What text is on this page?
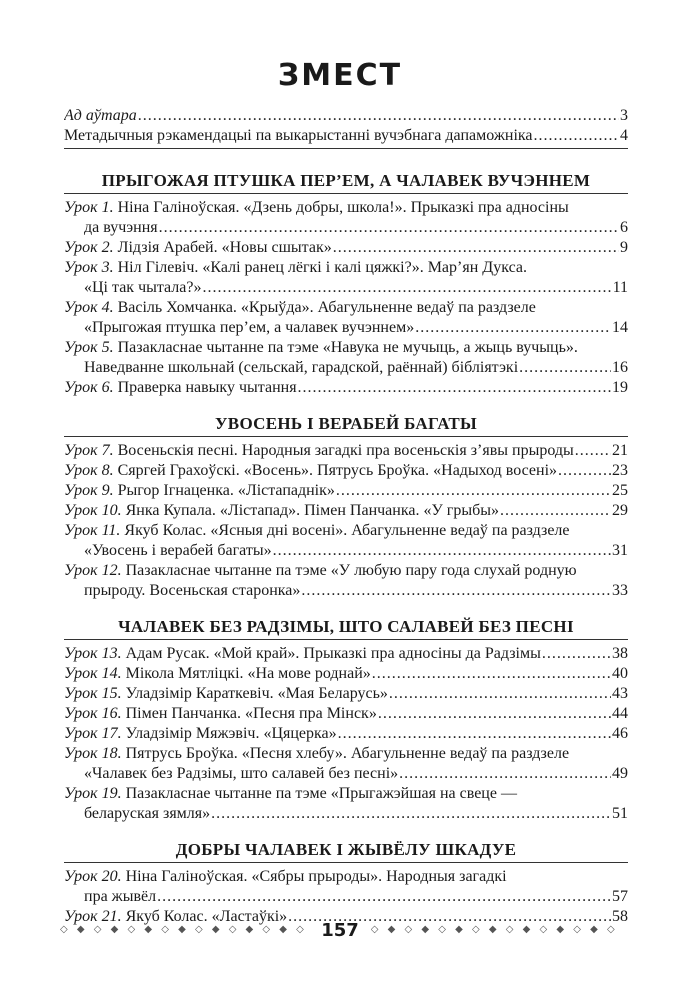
ЗМЕСТ
Ад аўтара .....	3
Метадычныя рэкамендацыі па выкарыстанні вучэбнага дапаможніка .....	4
ПРЫГОЖАЯ ПТУШКА ПЕР’ЕМ, А ЧАЛАВЕК ВУЧЭННЕМ
Урок 1. Ніна Галіноўская. «Дзень добры, школа!». Прыказкі пра адносіны
да вучэння .....	6
Урок 2. Лідзія Арабей. «Новы сшытак» .....	9
Урок 3. Ніл Гілевіч. «Калі ранец лёгкі і калі цяжкі?». Мар’ян Дукса.
«Ці так чытала?» .....	11
Урок 4. Васіль Хомчанка. «Крыўда». Абагульненне ведаў па раздзеле
«Прыгожая птушка пер’ем, а чалавек вучэннем» .....	14
Урок 5. Пазакласнае чытанне па тэме «Навука не мучыць, а жыць вучыць».
Наведванне школьнай (сельскай, гарадской, раённай) бібліятэкі .....	16
Урок 6. Праверка навыку чытання .....	19
УВОСЕНЬ І ВЕРАБЕЙ БАГАТЫ
Урок 7. Восеньскія песні. Народныя загадкі пра восеньскія з’явы прыроды ..... 21
Урок 8. Сяргей Грахоўскі. «Восень». Пятрусь Броўка. «Надыход восені» .....	23
Урок 9. Рыгор Ігнаценка. «Лістападнік» .....	25
Урок 10. Янка Купала. «Лістапад». Пімен Панчанка. «У грыбы» .....	29
Урок 11. Якуб Колас. «Ясныя дні восені». Абагульненне ведаў па раздзеле
«Увосень і верабей багаты» .....	31
Урок 12. Пазакласнае чытанне па тэме «У любую пару года слухай родную
прыроду. Восеньская старонка» .....	33
ЧАЛАВЕК БЕЗ РАДЗІМЫ, ШТО САЛАВЕЙ БЕЗ ПЕСНІ
Урок 13. Адам Русак. «Мой край». Прыказкі пра адносіны да Радзімы .....	38
Урок 14. Мікола Мятліцкі. «На мове роднай» .....	40
Урок 15. Уладзімір Караткевіч. «Мая Беларусь» .....	43
Урок 16. Пімен Панчанка. «Песня пра Мінск» .....	44
Урок 17. Уладзімір Мяжэвіч. «Цяцерка» .....	46
Урок 18. Пятрусь Броўка. «Песня хлебу». Абагульненне ведаў па раздзеле
«Чалавек без Радзімы, што салавей без песні» .....	49
Урок 19. Пазакласнае чытанне па тэме «Прыгажэйшая на свеце —
беларуская зямля» .....	51
ДОБРЫ ЧАЛАВЕК І ЖЫВЁЛУ ШКАДУЕ
Урок 20. Ніна Галіноўская. «Сябры прыроды». Народныя загадкі
пра жывёл .....	57
Урок 21. Якуб Колас. «Ластаўкі» .....	58
◇ ◆ ◇ ◆ ◇ ◆ ◇ ◆ ◇ ◆ ◇ ◆ ◇ ◆ ◇ ◆ ◇ ◆ ◇ ◆ ◇ ◆ ◇ ◆
157
◇ ◆ ◇ ◆ ◇ ◆ ◇ ◆ ◇ ◆ ◇ ◆ ◇ ◆ ◇ ◆ ◇ ◆ ◇ ◆ ◇ ◆ ◇ ◆
